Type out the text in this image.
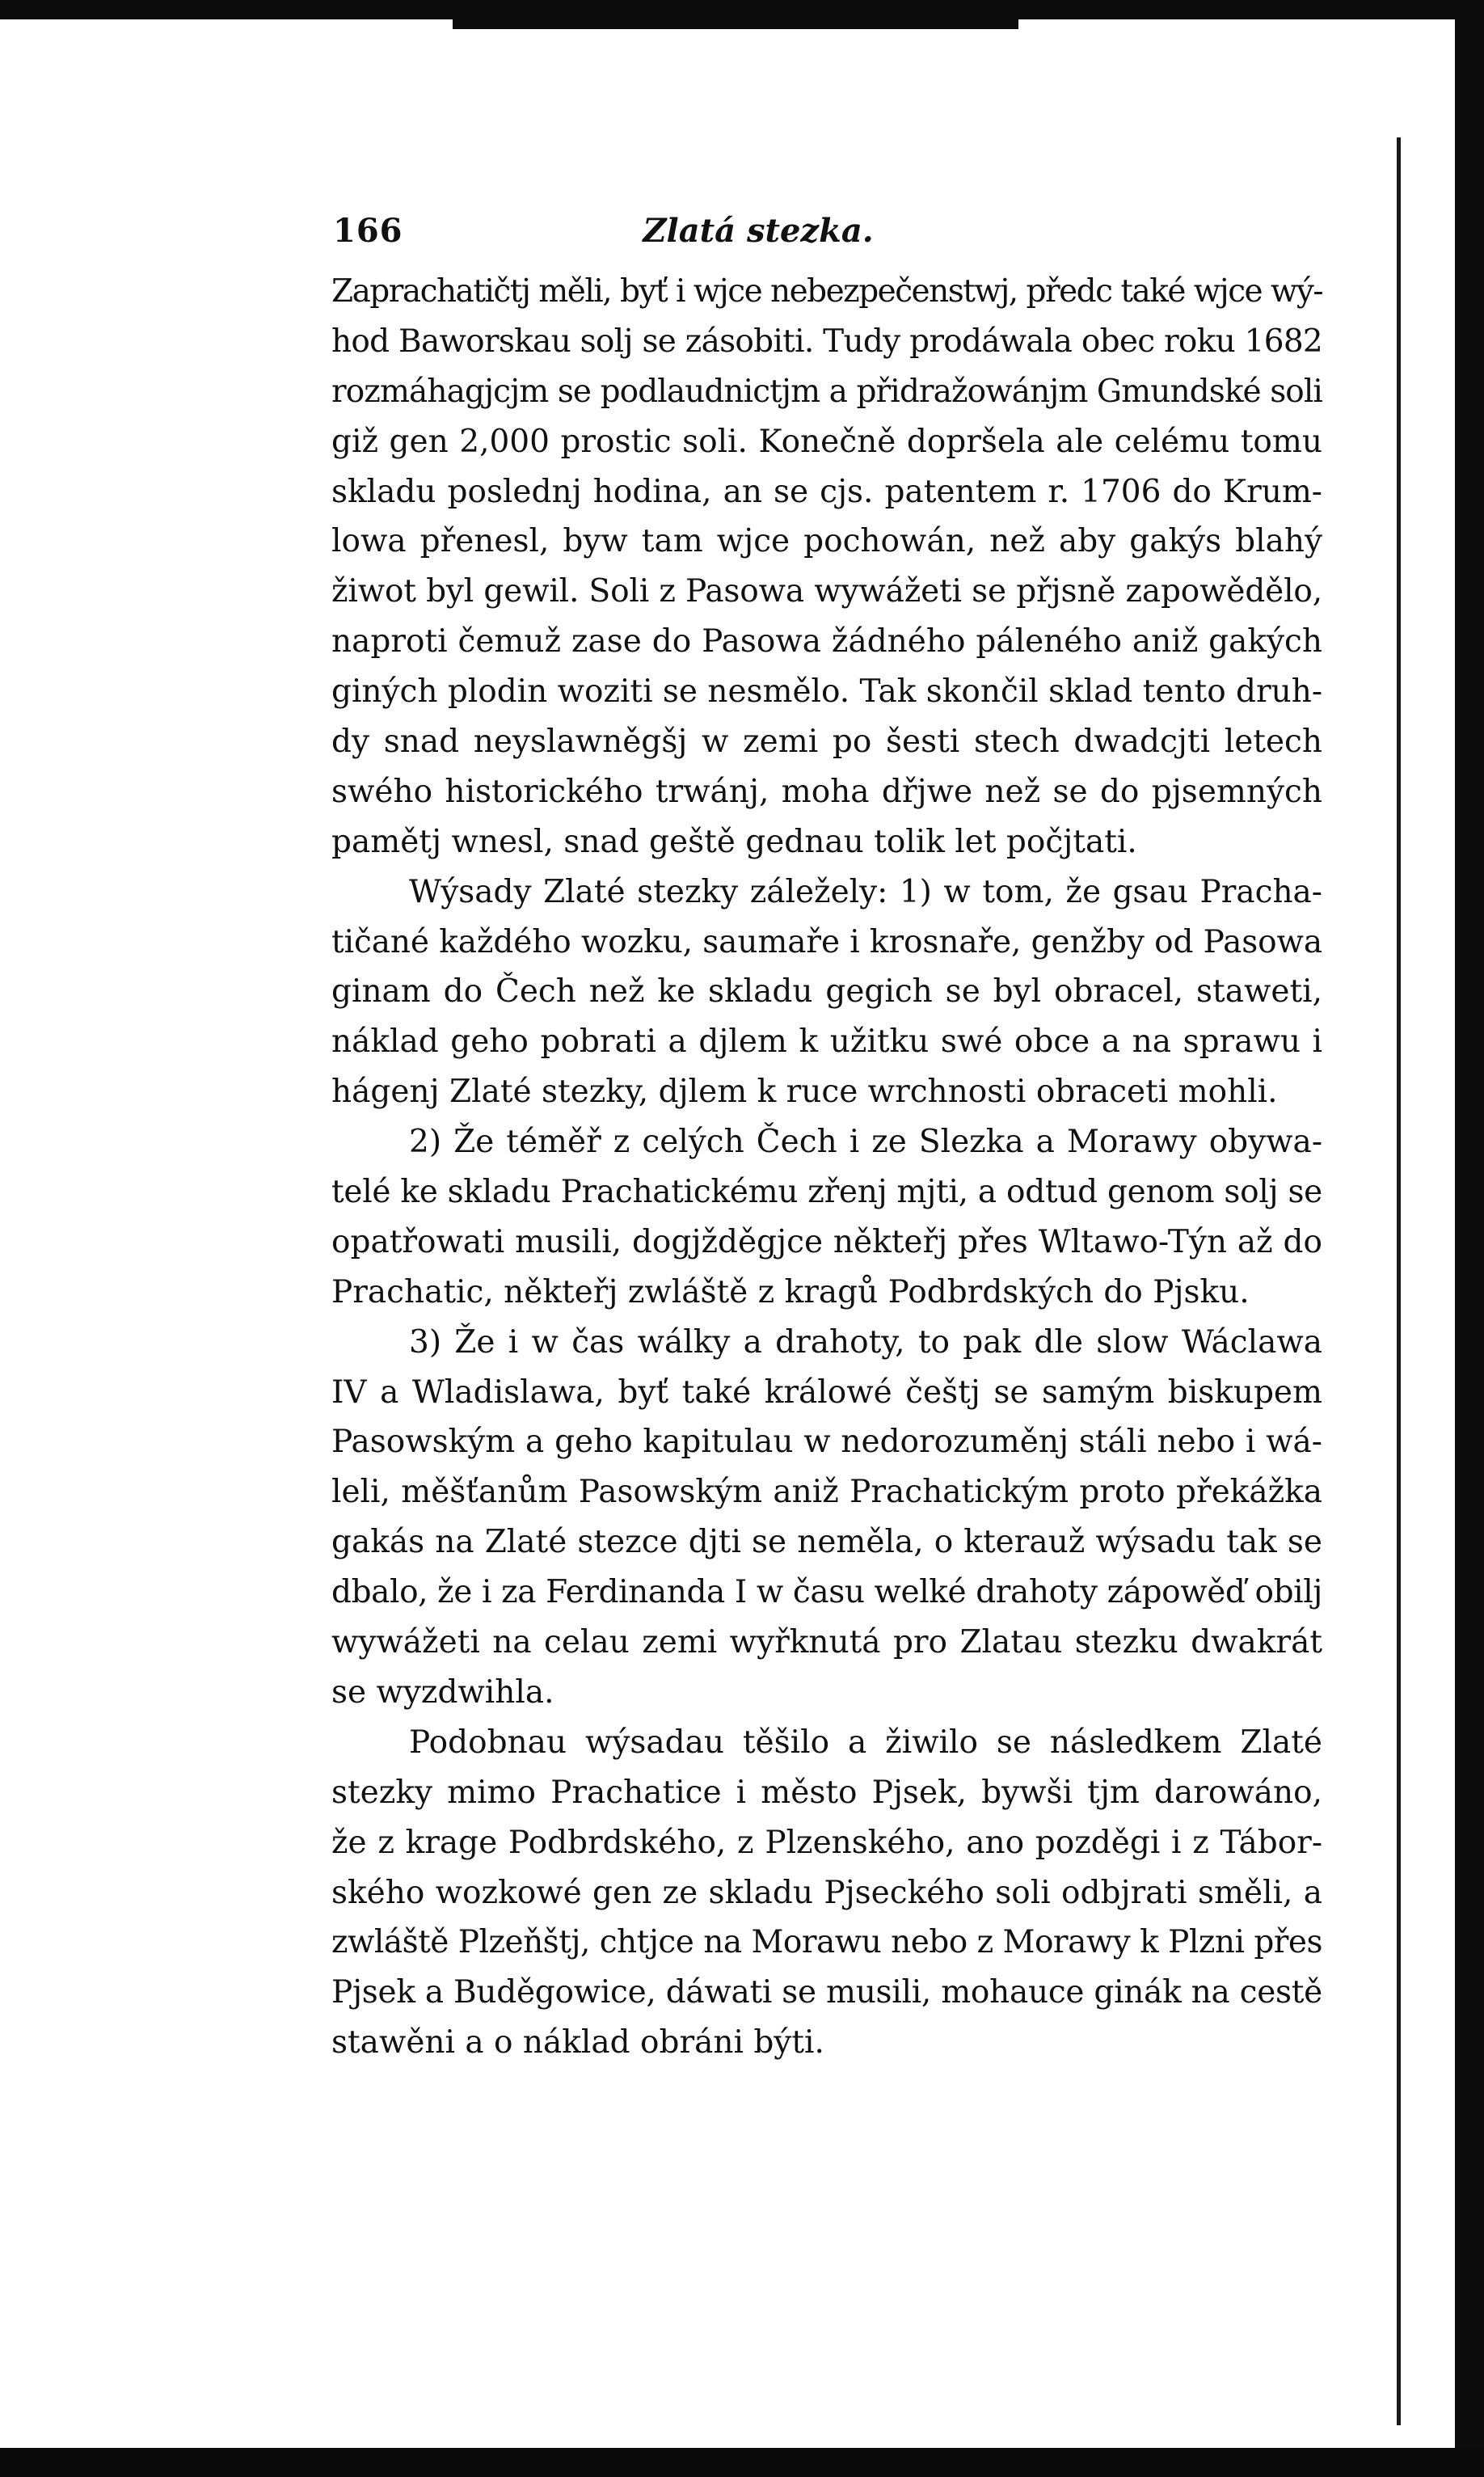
166	Zlatá stezka.

Zaprachatičtj měli, byť i wjce nebezpečenstwj, předc také wjce wý-
hod Baworskau solj se zásobiti. Tudy prodáwala obec roku 1682
rozmáhagjcjm se podlaudnictjm a přidražowánjm Gmundské soli
giž gen 2,000 prostic soli. Konečně dopršela ale celému tomu
skladu poslednj hodina, an se cjs. patentem r. 1706 do Krum-
lowa přenesl, byw tam wjce pochowán, než aby gakýs blahý
žiwot byl gewil. Soli z Pasowa wywážeti se přjsně zapowědělo,
naproti čemuž zase do Pasowa žádného páleného aniž gakých
giných plodin woziti se nesmělo. Tak skončil sklad tento druh-
dy snad neyslawněgšj w zemi po šesti stech dwadcjti letech
swého historického trwánj, moha dřjwe než se do pjsemných
pamětj wnesl, snad geště gednau tolik let počjtati.

Wýsady Zlaté stezky záležely: 1) w tom, že gsau Pracha-
tičané každého wozku, saumaře i krosnaře, genžby od Pasowa
ginam do Čech než ke skladu gegich se byl obracel, staweti,
náklad geho pobrati a djlem k užitku swé obce a na sprawu i
hágenj Zlaté stezky, djlem k ruce wrchnosti obraceti mohli.

2) Že téměř z celých Čech i ze Slezka a Morawy obywa-
telé ke skladu Prachatickému zřenj mjti, a odtud genom solj se
opatřowati musili, dogjžděgjce někteřj přes Wltawo-Týn až do
Prachatic, někteřj zwláště z kragů Podbrdských do Pjsku.

3) Že i w čas wálky a drahoty, to pak dle slow Wáclawa
IV a Wladislawa, byť také králowé češtj se samým biskupem
Pasowským a geho kapitulau w nedorozuměnj stáli nebo i wá-
leli, měšťanům Pasowským aniž Prachatickým proto překážka
gakás na Zlaté stezce djti se neměla, o kterauž wýsadu tak se
dbalo, že i za Ferdinanda I w času welké drahoty zápowěď obilj
wywážeti na celau zemi wyřknutá pro Zlatau stezku dwakrát
se wyzdwihla.

Podobnau wýsadau těšilo a žiwilo se následkem Zlaté
stezky mimo Prachatice i město Pjsek, bywši tjm darowáno,
že z krage Podbrdského, z Plzenského, ano pozděgi i z Tábor-
ského wozkowé gen ze skladu Pjseckého soli odbjrati směli, a
zwláště Plzeňštj, chtjce na Morawu nebo z Morawy k Plzni přes
Pjsek a Buděgowice, dáwati se musili, mohauce ginák na cestě
stawěni a o náklad obráni býti.
